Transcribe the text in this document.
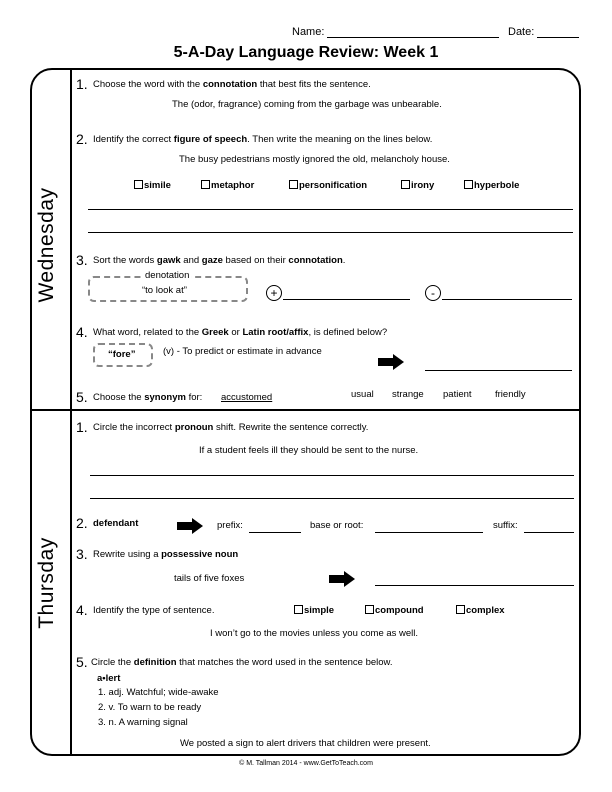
Name:	Date:
5-A-Day Language Review: Week 1
Wednesday
Thursday
1. Choose the word with the connotation that best fits the sentence.
The (odor, fragrance) coming from the garbage was unbearable.
2. Identify the correct figure of speech. Then write the meaning on the lines below.
The busy pedestrians mostly ignored the old, melancholy house.
simile	metaphor	personification	irony	hyperbole
3. Sort the words gawk and gaze based on their connotation.
denotation
“to look at”	+	-
4. What word, related to the Greek or Latin root/affix, is defined below?
“fore”	(v) - To predict or estimate in advance
5. Choose the synonym for: accustomed	usual strange patient friendly
1. Circle the incorrect pronoun shift. Rewrite the sentence correctly.
If a student feels ill they should be sent to the nurse.
2. defendant	prefix:	base or root:	suffix:
3. Rewrite using a possessive noun
tails of five foxes
4. Identify the type of sentence.	simple	compound	complex
I won’t go to the movies unless you come as well.
5. Circle the definition that matches the word used in the sentence below.
a•lert
1. adj. Watchful; wide-awake
2. v. To warn to be ready
3. n. A warning signal
We posted a sign to alert drivers that children were present.
© M. Tallman 2014 - www.GetToTeach.com
